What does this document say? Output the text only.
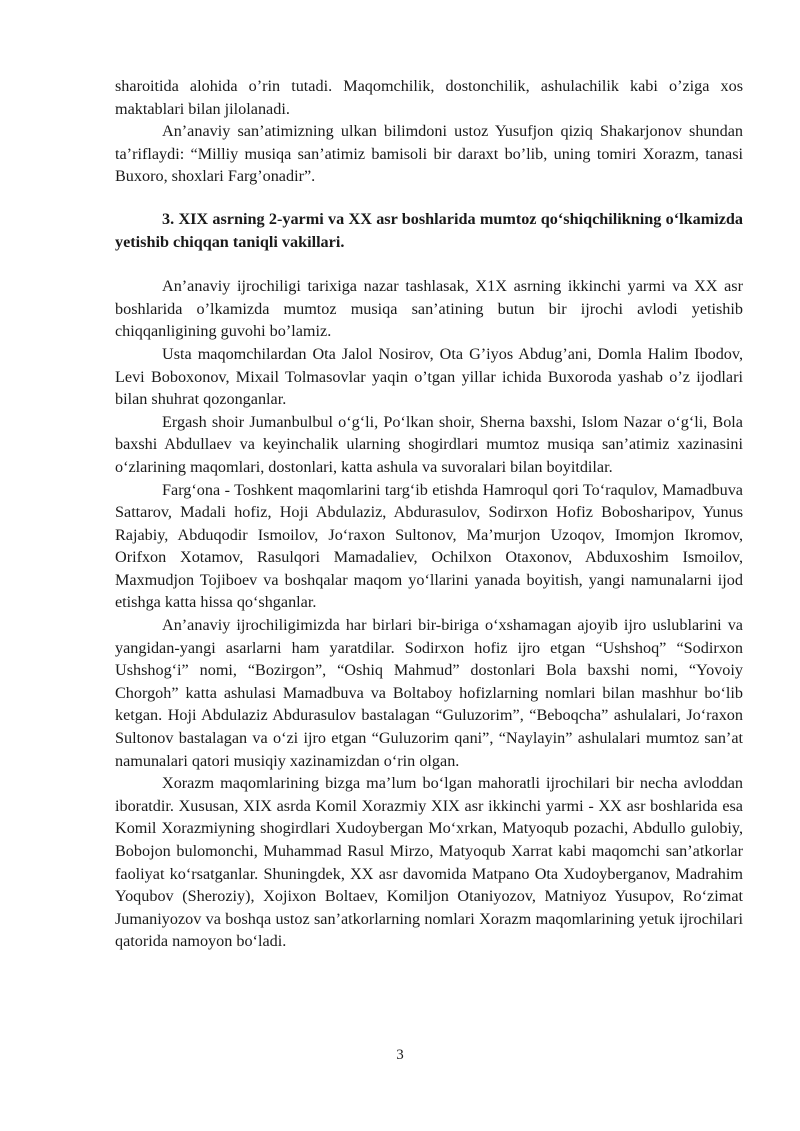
sharoitida alohida o’rin tutadi. Maqomchilik, dostonchilik, ashulachilik kabi o’ziga xos maktablari bilan jilolanadi.

An’anaviy san’atimizning ulkan bilimdoni ustoz Yusufjon qiziq Shakarjonov shundan ta’riflaydi: “Milliy musiqa san’atimiz bamisoli bir daraxt bo’lib, uning tomiri Xorazm, tanasi Buxoro, shoxlari Farg’onadir”.

3. XIX asrning 2-yarmi va XX asr boshlarida mumtoz qo‘shiqchilikning o‘lkamizda yetishib chiqqan taniqli vakillari.

An’anaviy ijrochiligi tarixiga nazar tashlasak, X1X asrning ikkinchi yarmi va XX asr boshlarida o’lkamizda mumtoz musiqa san’atining butun bir ijrochi avlodi yetishib chiqqanligining guvohi bo’lamiz.

Usta maqomchilardan Ota Jalol Nosirov, Ota G’iyos Abdug’ani, Domla Halim Ibodov, Levi Boboxonov, Mixail Tolmasovlar yaqin o’tgan yillar ichida Buxoroda yashab o’z ijodlari bilan shuhrat qozonganlar.

Ergash shoir Jumanbulbul o‘g‘li, Po‘lkan shoir, Sherna baxshi, Islom Nazar o‘g‘li, Bola baxshi Abdullaev va keyinchalik ularning shogirdlari mumtoz musiqa san’atimiz xazinasini o‘zlarining maqomlari, dostonlari, katta ashula va suvoralari bilan boyitdilar.

Farg‘ona - Toshkent maqomlarini targ‘ib etishda Hamroqul qori To‘raqulov, Mamadbuva Sattarov, Madali hofiz, Hoji Abdulaziz, Abdurasulov, Sodirxon Hofiz Bobosharipov, Yunus Rajabiy, Abduqodir Ismoilov, Jo‘raxon Sultonov, Ma’murjon Uzoqov, Imomjon Ikromov, Orifxon Xotamov, Rasulqori Mamadaliev, Ochilxon Otaxonov, Abduxoshim Ismoilov, Maxmudjon Tojiboev va boshqalar maqom yo‘llarini yanada boyitish, yangi namunalarni ijod etishga katta hissa qo‘shganlar.

An’anaviy ijrochiligimizda har birlari bir-biriga o‘xshamagan ajoyib ijro uslublarini va yangidan-yangi asarlarni ham yaratdilar. Sodirxon hofiz ijro etgan “Ushshoq” “Sodirxon Ushshog‘i” nomi, “Bozirgon”, “Oshiq Mahmud” dostonlari Bola baxshi nomi, “Yovoiy Chorgoh” katta ashulasi Mamadbuva va Boltaboy hofizlarning nomlari bilan mashhur bo‘lib ketgan. Hoji Abdulaziz Abdurasulov bastalagan “Guluzorim”, “Beboqcha” ashulalari, Jo‘raxon Sultonov bastalagan va o‘zi ijro etgan “Guluzorim qani”, “Naylayin” ashulalari mumtoz san’at namunalari qatori musiqiy xazinamizdan o‘rin olgan.

Xorazm maqomlarining bizga ma’lum bo‘lgan mahoratli ijrochilari bir necha avloddan iboratdir. Xususan, XIX asrda Komil Xorazmiy XIX asr ikkinchi yarmi - XX asr boshlarida esa Komil Xorazmiyning shogirdlari Xudoybergan Mo‘xrkan, Matyoqub pozachi, Abdullo gulobiy, Bobojon bulomonchi, Muhammad Rasul Mirzo, Matyoqub Xarrat kabi maqomchi san’atkorlar faoliyat ko‘rsatganlar. Shuningdek, XX asr davomida Matpano Ota Xudoyberganov, Madrahim Yoqubov (Sheroziy), Xojixon Boltaev, Komiljon Otaniyozov, Matniyoz Yusupov, Ro‘zimat Jumaniyozov va boshqa ustoz san’atkorlarning nomlari Xorazm maqomlarining yetuk ijrochilari qatorida namoyon bo‘ladi.

3
